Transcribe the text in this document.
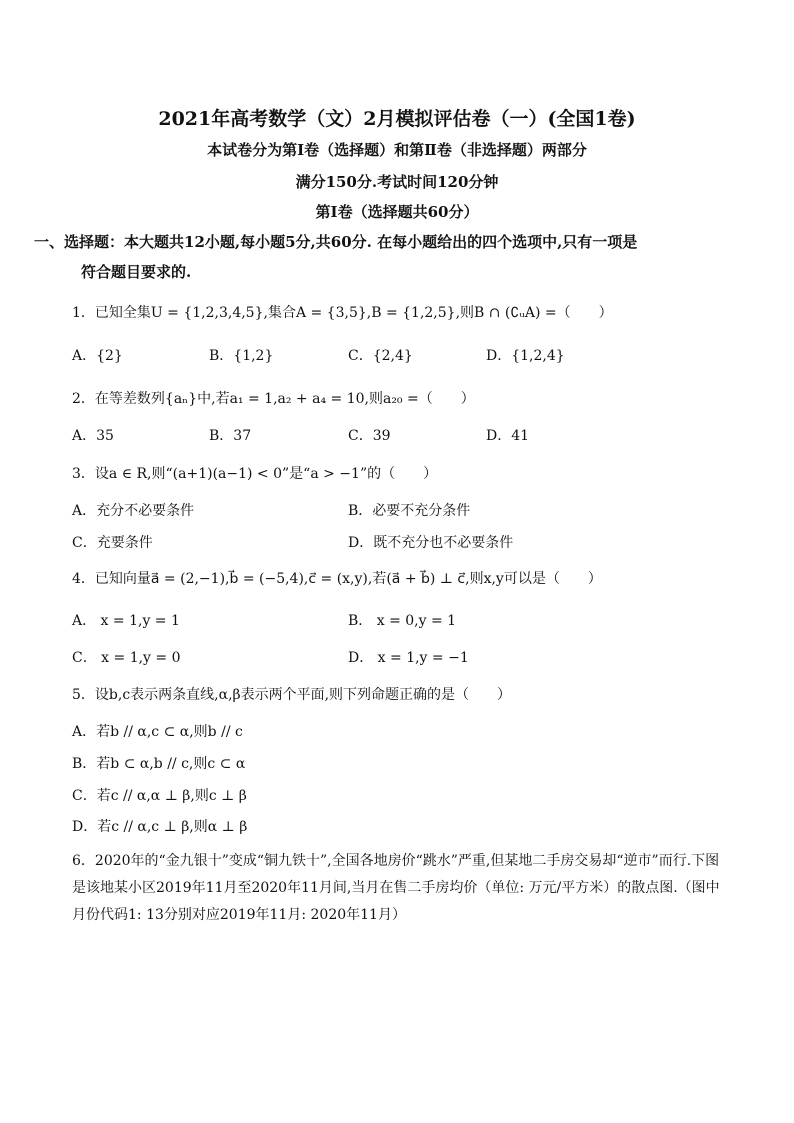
2021年高考数学（文）2月模拟评估卷（一）(全国1卷)
本试卷分为第Ⅰ卷（选择题）和第Ⅱ卷（非选择题）两部分
满分150分.考试时间120分钟
第Ⅰ卷（选择题共60分）
一、选择题：本大题共12小题,每小题5分,共60分. 在每小题给出的四个选项中,只有一项是
符合题目要求的.
1．已知全集U = {1,2,3,4,5},集合A = {3,5},B = {1,2,5},则B ∩ (∁ᵤA) =（　　）
A．{2}	B．{1,2}	C．{2,4}	D．{1,2,4}
2．在等差数列{aₙ}中,若a₁ = 1,a₂ + a₄ = 10,则a₂₀ =（　　）
A．35	B．37	C．39	D．41
3．设a ∈ R,则“(a+1)(a−1) < 0”是“a > −1”的（　　）
A．充分不必要条件	B．必要不充分条件
C．充要条件	D．既不充分也不必要条件
4．已知向量a⃗ = (2,−1),b⃗ = (−5,4),c⃗ = (x,y),若(a⃗ + b⃗) ⊥ c⃗,则x,y可以是（　　）
A． x = 1,y = 1	B． x = 0,y = 1
C． x = 1,y = 0	D． x = 1,y = −1
5．设b,c表示两条直线,α,β表示两个平面,则下列命题正确的是（　　）
A．若b // α,c ⊂ α,则b // c
B．若b ⊂ α,b // c,则c ⊂ α
C．若c // α,α ⊥ β,则c ⊥ β
D．若c // α,c ⊥ β,则α ⊥ β
6．2020年的“金九银十”变成“铜九铁十”,全国各地房价“跳水”严重,但某地二手房交易却“逆市”而行.下图是该地某小区2019年11月至2020年11月间,当月在售二手房均价（单位: 万元/平方米）的散点图.（图中月份代码1: 13分别对应2019年11月: 2020年11月）
